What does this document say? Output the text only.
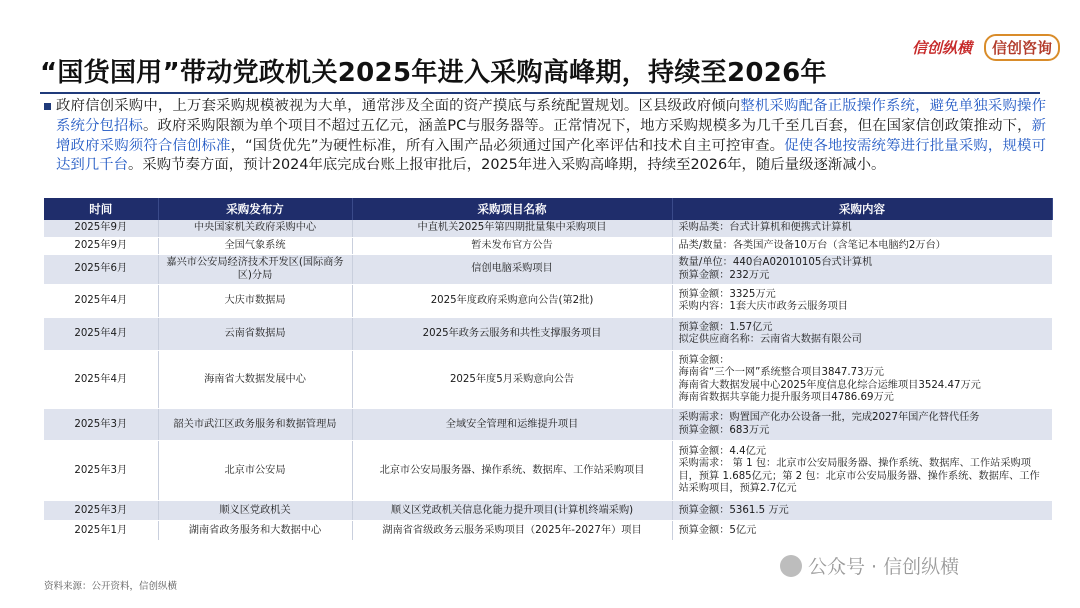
“国货国用”带动党政机关2025年进入采购高峰期，持续至2026年
信创纵横	信创咨询
政府信创采购中，上万套采购规模被视为大单，通常涉及全面的资产摸底与系统配置规划。区县级政府倾向整机采购配备正版操作系统，避免单独采购操作系统分包招标。政府采购限额为单个项目不超过五亿元，涵盖PC与服务器等。正常情况下，地方采购规模多为几千至几百套，但在国家信创政策推动下，新增政府采购须符合信创标准，“国货优先”为硬性标准，所有入围产品必须通过国产化率评估和技术自主可控审查。促使各地按需统筹进行批量采购，规模可达到几千台。采购节奏方面，预计2024年底完成台账上报审批后，2025年进入采购高峰期，持续至2026年，随后量级逐渐减小。
时间	采购发布方	采购项目名称	采购内容
2025年9月	中央国家机关政府采购中心	中直机关2025年第四期批量集中采购项目	采购品类：台式计算机和便携式计算机
2025年9月	全国气象系统	暂未发布官方公告	品类/数量：各类国产设备10万台（含笔记本电脑约2万台）
2025年6月	嘉兴市公安局经济技术开发区(国际商务区)分局	信创电脑采购项目	数量/单位：440台A02010105台式计算机
预算金额：232万元
2025年4月	大庆市数据局	2025年度政府采购意向公告(第2批)	预算金额：3325万元
采购内容：1套大庆市政务云服务项目
2025年4月	云南省数据局	2025年政务云服务和共性支撑服务项目	预算金额：1.57亿元
拟定供应商名称：云南省大数据有限公司
2025年4月	海南省大数据发展中心	2025年度5月采购意向公告	预算金额：
海南省“三个一网”系统整合项目3847.73万元
海南省大数据发展中心2025年度信息化综合运维项目3524.47万元
海南省数据共享能力提升服务项目4786.69万元
2025年3月	韶关市武江区政务服务和数据管理局	全域安全管理和运维提升项目	采购需求：购置国产化办公设备一批，完成2027年国产化替代任务
预算金额：683万元
2025年3月	北京市公安局	北京市公安局服务器、操作系统、数据库、工作站采购项目	预算金额：4.4亿元
采购需求： 第 1 包：北京市公安局服务器、操作系统、数据库、工作站采购项目，预算 1.685亿元；第 2 包：北京市公安局服务器、操作系统、数据库、工作站采购项目，预算2.7亿元
2025年3月	顺义区党政机关	顺义区党政机关信息化能力提升项目(计算机终端采购)	预算金额：5361.5 万元
2025年1月	湖南省政务服务和大数据中心	湖南省省级政务云服务采购项目（2025年-2027年）项目	预算金额：5亿元
资料来源：公开资料，信创纵横
公众号 · 信创纵横
